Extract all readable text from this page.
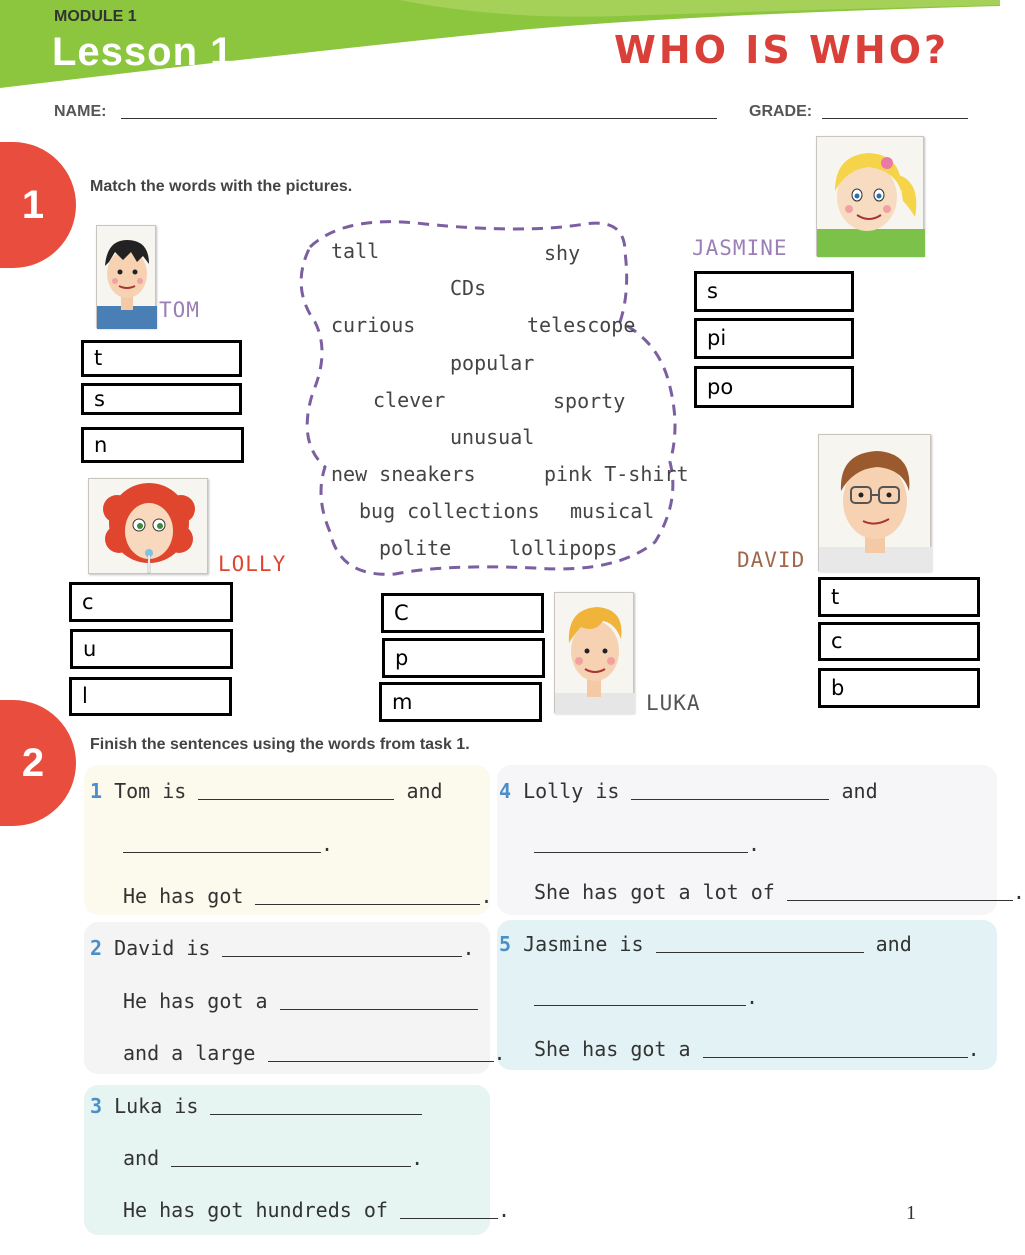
MODULE 1
Lesson 1	WHO IS WHO?
NAME:	GRADE:
1	Match the words with the pictures.
tall	shy
CDs
curious	telescope
popular
clever	sporty
unusual
new sneakers	pink T-shirt
bug collections musical
polite	lollipops
TOM
t
s
n
JASMINE
s
pi
po
LOLLY
c
u
l
C
p
m	LUKA
DAVID
t
c
b
2	Finish the sentences using the words from task 1.
1 Tom is	and
.
He has got	.
2 David is	.
He has got a
and a large	.
3 Luka is
and	.
He has got hundreds of	.
4 Lolly is	and
.
She has got a lot of	.
5 Jasmine is	and
.
She has got a	.
1
